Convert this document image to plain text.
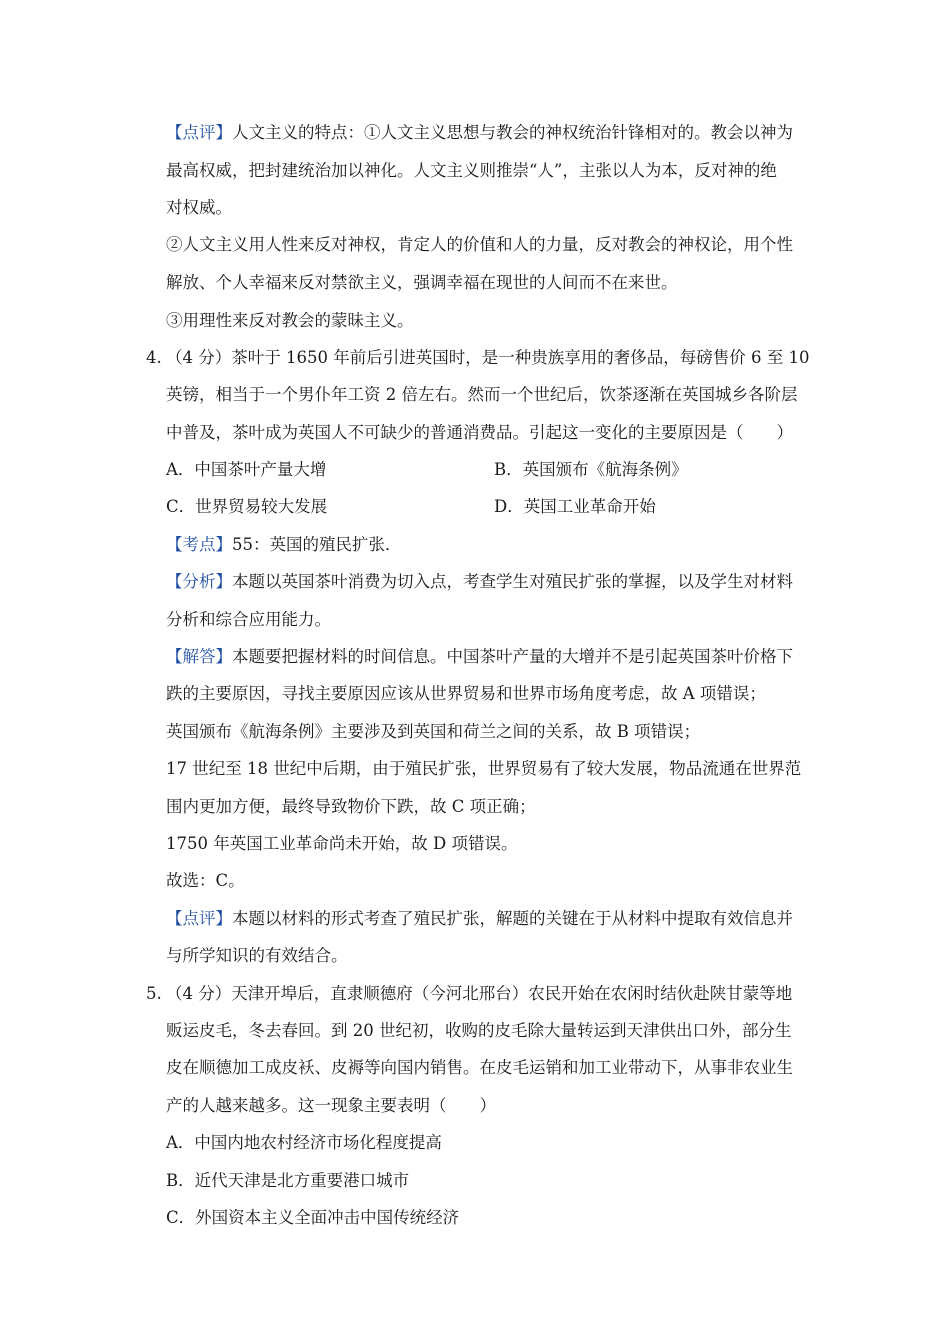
【点评】人文主义的特点：①人文主义思想与教会的神权统治针锋相对的。教会以神为
最高权威，把封建统治加以神化。人文主义则推崇“人”，主张以人为本，反对神的绝
对权威。
②人文主义用人性来反对神权，肯定人的价值和人的力量，反对教会的神权论，用个性
解放、个人幸福来反对禁欲主义，强调幸福在现世的人间而不在来世。
③用理性来反对教会的蒙昧主义。
4. （4 分）茶叶于 1650 年前后引进英国时，是一种贵族享用的奢侈品，每磅售价 6 至 10
英镑，相当于一个男仆年工资 2 倍左右。然而一个世纪后，饮茶逐渐在英国城乡各阶层
中普及，茶叶成为英国人不可缺少的普通消费品。引起这一变化的主要原因是（　　）
A．中国茶叶产量大增	B．英国颁布《航海条例》
C．世界贸易较大发展	D．英国工业革命开始
【考点】55：英国的殖民扩张．
【分析】本题以英国茶叶消费为切入点，考查学生对殖民扩张的掌握，以及学生对材料
分析和综合应用能力。
【解答】本题要把握材料的时间信息。中国茶叶产量的大增并不是引起英国茶叶价格下
跌的主要原因，寻找主要原因应该从世界贸易和世界市场角度考虑，故 A 项错误；
英国颁布《航海条例》主要涉及到英国和荷兰之间的关系，故 B 项错误；
17 世纪至 18 世纪中后期，由于殖民扩张，世界贸易有了较大发展，物品流通在世界范
围内更加方便，最终导致物价下跌，故 C 项正确；
1750 年英国工业革命尚未开始，故 D 项错误。
故选：C。
【点评】本题以材料的形式考查了殖民扩张，解题的关键在于从材料中提取有效信息并
与所学知识的有效结合。
5. （4 分）天津开埠后，直隶顺德府（今河北邢台）农民开始在农闲时结伙赴陕甘蒙等地
贩运皮毛，冬去春回。到 20 世纪初，收购的皮毛除大量转运到天津供出口外，部分生
皮在顺德加工成皮袄、皮褥等向国内销售。在皮毛运销和加工业带动下，从事非农业生
产的人越来越多。这一现象主要表明（　　）
A．中国内地农村经济市场化程度提高
B．近代天津是北方重要港口城市
C．外国资本主义全面冲击中国传统经济
